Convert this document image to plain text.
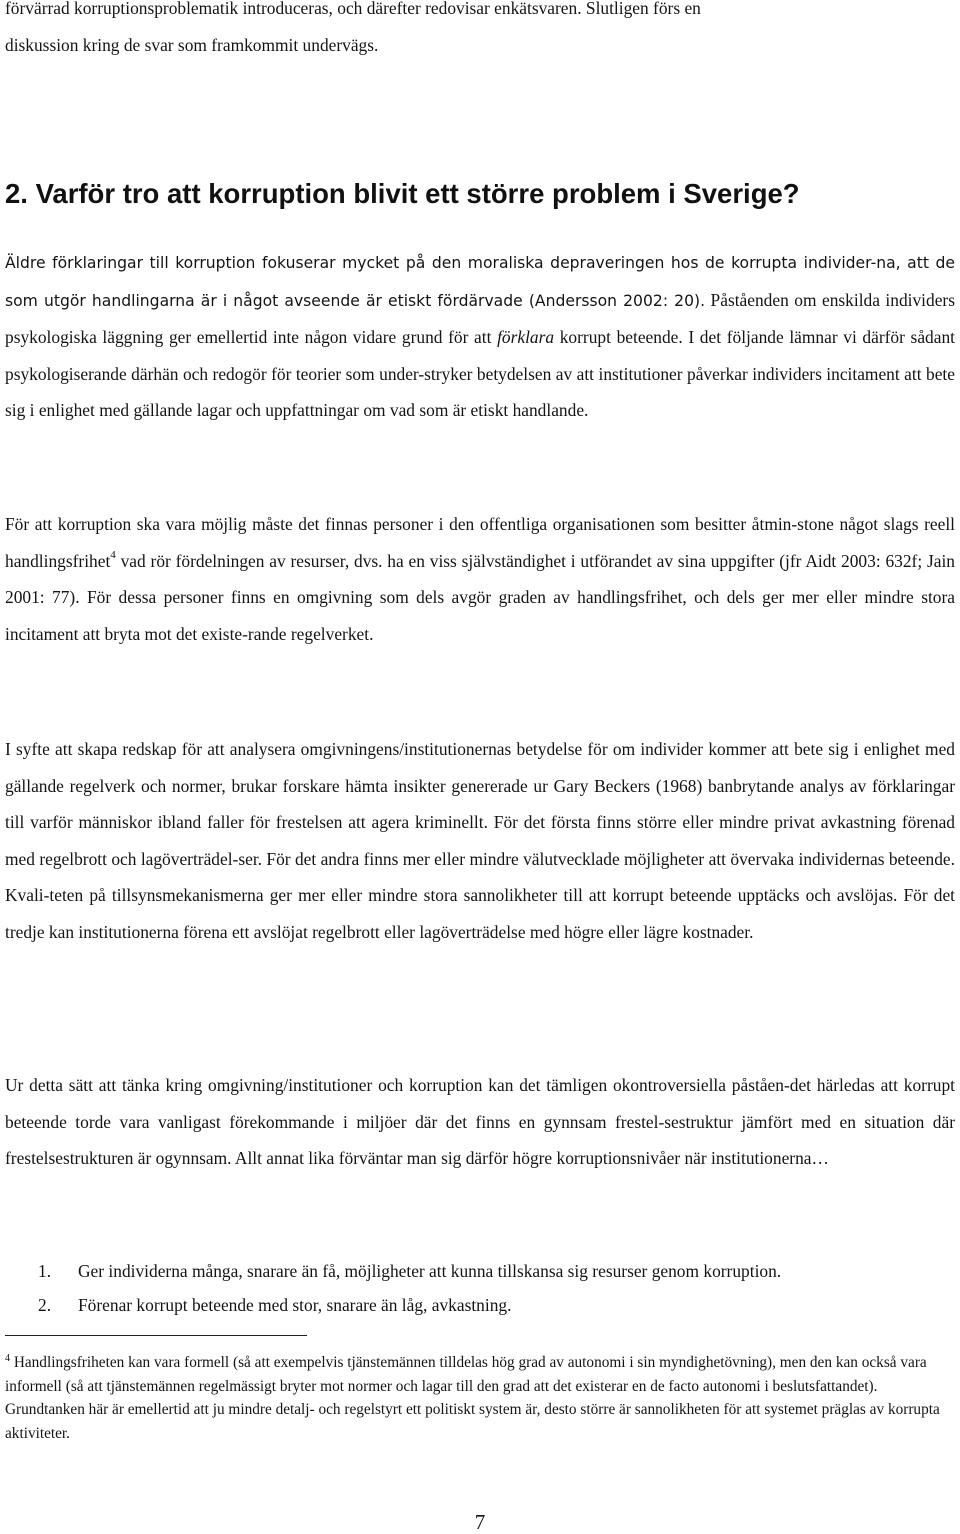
förvärrad korruptionsproblematik introduceras, och därefter redovisar enkätsvaren. Slutligen förs en
diskussion kring de svar som framkommit undervägs.

2. Varför tro att korruption blivit ett större problem i Sverige?

Äldre förklaringar till korruption fokuserar mycket på den moraliska depraveringen hos de korrupta individer-na, att de som utgör handlingarna är i något avseende är etiskt fördärvade (Andersson 2002: 20). Påståenden om enskilda individers psykologiska läggning ger emellertid inte någon vidare grund för att förklara korrupt beteende. I det följande lämnar vi därför sådant psykologiserande därhän och redogör för teorier som under-stryker betydelsen av att institutioner påverkar individers incitament att bete sig i enlighet med gällande lagar och uppfattningar om vad som är etiskt handlande.

För att korruption ska vara möjlig måste det finnas personer i den offentliga organisationen som besitter åtmin-stone något slags reell handlingsfrihet$^4$ vad rör fördelningen av resurser, dvs. ha en viss självständighet i utförandet av sina uppgifter (jfr Aidt 2003: 632f; Jain 2001: 77). För dessa personer finns en omgivning som dels avgör graden av handlingsfrihet, och dels ger mer eller mindre stora incitament att bryta mot det existe-rande regelverket.

I syfte att skapa redskap för att analysera omgivningens/institutionernas betydelse för om individer kommer att bete sig i enlighet med gällande regelverk och normer, brukar forskare hämta insikter genererade ur Gary Beckers (1968) banbrytande analys av förklaringar till varför människor ibland faller för frestelsen att agera kriminellt. För det första finns större eller mindre privat avkastning förenad med regelbrott och lagöverträdel-ser. För det andra finns mer eller mindre välutvecklade möjligheter att övervaka individernas beteende. Kvali-teten på tillsynsmekanismerna ger mer eller mindre stora sannolikheter till att korrupt beteende upptäcks och avslöjas. För det tredje kan institutionerna förena ett avslöjat regelbrott eller lagöverträdelse med högre eller lägre kostnader.

Ur detta sätt att tänka kring omgivning/institutioner och korruption kan det tämligen okontroversiella påståen-det härledas att korrupt beteende torde vara vanligast förekommande i miljöer där det finns en gynnsam frestel-sestruktur jämfört med en situation där frestelsestrukturen är ogynnsam. Allt annat lika förväntar man sig därför högre korruptionsnivåer när institutionerna…

1. Ger individerna många, snarare än få, möjligheter att kunna tillskansa sig resurser genom korruption.
2. Förenar korrupt beteende med stor, snarare än låg, avkastning.

$^4$ Handlingsfriheten kan vara formell (så att exempelvis tjänstemännen tilldelas hög grad av autonomi i sin myndighetövning), men den kan också vara informell (så att tjänstemännen regelmässigt bryter mot normer och lagar till den grad att det existerar en de facto autonomi i beslutsfattandet). Grundtanken här är emellertid att ju mindre detalj- och regelstyrt ett politiskt system är, desto större är sannolikheten för att systemet präglas av korrupta aktiviteter.

7
